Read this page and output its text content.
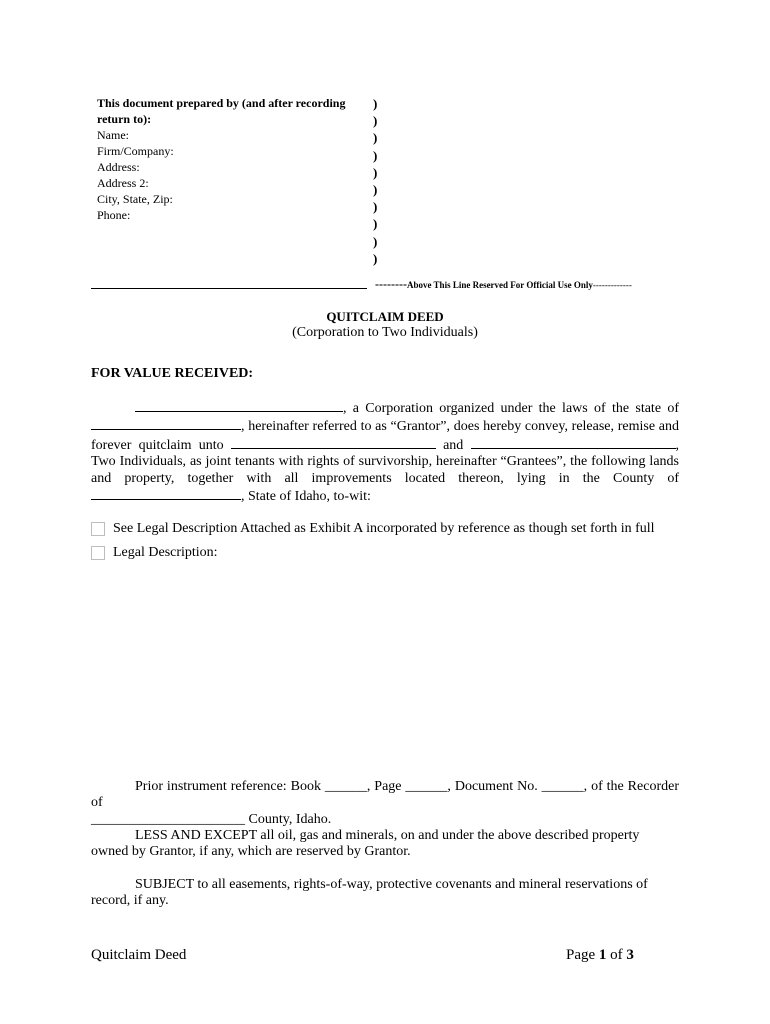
This document prepared by (and after recording return to):
Name:
Firm/Company:
Address:
Address 2:
City, State, Zip:
Phone:
)
)
)
)
)
)
)
)
)
)
--------Above This Line Reserved For Official Use Only-------------
QUITCLAIM DEED
(Corporation to Two Individuals)
FOR VALUE RECEIVED:
, a Corporation organized under the laws of the state of , hereinafter referred to as “Grantor”, does hereby convey, release, remise and forever quitclaim unto	and	, Two Individuals, as joint tenants with rights of survivorship, hereinafter “Grantees”, the following lands and property, together with all improvements located thereon, lying in the County of , State of Idaho, to-wit:
See Legal Description Attached as Exhibit A incorporated by reference as though set forth in full
Legal Description:
Prior instrument reference: Book ______, Page ______, Document No. ______, of the Recorder of
______________________ County, Idaho.
LESS AND EXCEPT all oil, gas and minerals, on and under the above described property owned by Grantor, if any, which are reserved by Grantor.
SUBJECT to all easements, rights-of-way, protective covenants and mineral reservations of record, if any.
Quitclaim Deed	Page 1 of 3
